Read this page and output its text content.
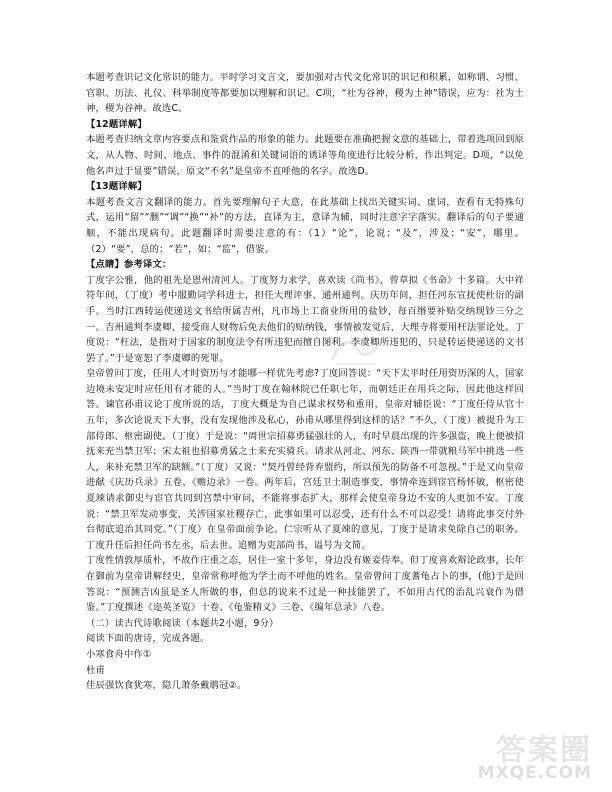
本题考查识记文化常识的能力。平时学习文言文，要加强对古代文化常识的识记和积累，如称谓、习惯、官职、历法、礼仪、科举制度等都要加以理解和识记。C项，“社为谷神，稷为土神”错误，应为：社为土神，稷为谷神。故选C。

【12题详解】

本题考查归纳文章内容要点和鉴赏作品的形象的能力。此题要在准确把握文意的基础上，带着选项回到原文，从人物、时间、地点、事件的混淆和关键词语的诱译等角度进行比较分析，作出判定。D项，“以免他名声过于显要”错误，原文“不名”是皇帝不直呼他的名字。故选D。

【13题详解】

本题考查文言文翻译的能力。首先要理解句子大意，在此基础上找出关键实词、虚词，查看有无特殊句式，运用“留”“删”“调”“换”“补”的方法，直译为主，意译为辅，同时注意字字落实。翻译后的句子要通顺，不能出现病句。此题翻译时需要注意的有：（1）“论”，论说；“及”，涉及；“安”，哪里。（2）“要”，总的；“若”，如；“监”，借鉴。

【点睛】参考译文：

丁度字公雅，他的祖先是恩州清河人。丁度努力求学，喜欢读《尚书》，曾草拟《书命》十多篇。大中祥符年间，（丁度）考中服勤词学科进士，担任大理评事、通州通判。庆历年间，担任河东宣抚使杜衍的副手。当时江西转运使递送文书给所属吉州，凡市场上工商业所用的盐钞，每百缗要补贴交纳现钞三分之一。吉州通判李虞卿，接受商人财物后免去他们的贴纳钱，事情被发觉后，大理寺将要用枉法罪论处。丁度说：“枉法，是指对于国家的制度法令有所违犯而擅自图利。李虞卿所违犯的，只是转运使递送的文书罢了。”于是宽恕了李虞卿的死罪。

皇帝曾问丁度，任用人才时资历与才能哪一样优先考虑?丁度回答说：“天下太平时任用资历深的人，国家边境未安定时应任用有才能的人。”当时丁度在翰林院已任职七年，而朝廷正在用兵之际，因此他这样回答。谏官孙甫议论丁度所说的话，丁度大概是为自己谋求权势和重用，皇帝对辅臣说：“丁度任侍从官十五年，多次论说天下大事，没有发现他涉及私心，孙甫从哪里得到这样的话？”不久，（丁度）被提升为工部侍郎、枢密副使。（丁度）于是说：“周世宗招募勇猛强壮的人，有时早晨出现的许多强盗，晚上便被招抚来充当禁卫军；宋太祖也招募勇猛之士来充实骑兵。请求从河北、河东、陕西一带就粮马军中挑选一些人，来补充禁卫军的缺额。”（丁度）又说：“契丹曾经背弃盟约，所以预先的防备不可忽视。”于是又向皇帝进献《庆历兵录》五卷、《赡边录》一卷。两年后，宫廷卫士制造事变，事情牵连到宦官杨怀敏，枢密使夏竦请求御史与宦官共同到宫禁中审问，不能将事态扩大，那样会使皇帝身边不安的人更加不安。丁度说：“禁卫军发动事变，关涉国家社稷存亡，此事如果可以忍受，还有什么不可以忍受！请将此事交付外台彻底追治其同党。”（丁度）在皇帝面前争论。仁宗听从了夏竦的意见，丁度于是请求免除自己的职务。丁度升任后担任尚书左丞，后去世。追赠为吏部尚书，谥号为文简。

丁度性情敦厚质朴，不故作庄重之态，居住一室十多年，身边没有姬妾侍奉。但丁度喜欢辩论政事，长年在御前为皇帝讲解经史，皇帝常称呼他为学士而不呼他的姓名。皇帝曾问丁度蓍龟占卜的事，(他)于是回答说：“预测吉凶虽是圣人所做的事，但总的说来不过是一种技能罢了，不如用古代的治乱兴衰作为借鉴。”丁度撰述《迩英圣览》十卷、《龟鉴精义》三卷、《编年总录》八卷。

（二）读古代诗歌阅读（本题共2小题，9分）

阅读下面的唐诗，完成各题。

小寒食舟中作①

杜甫

佳辰强饮食犹寒，隐几萧条戴鹖冠②。

答案圈
MXQE.COM
